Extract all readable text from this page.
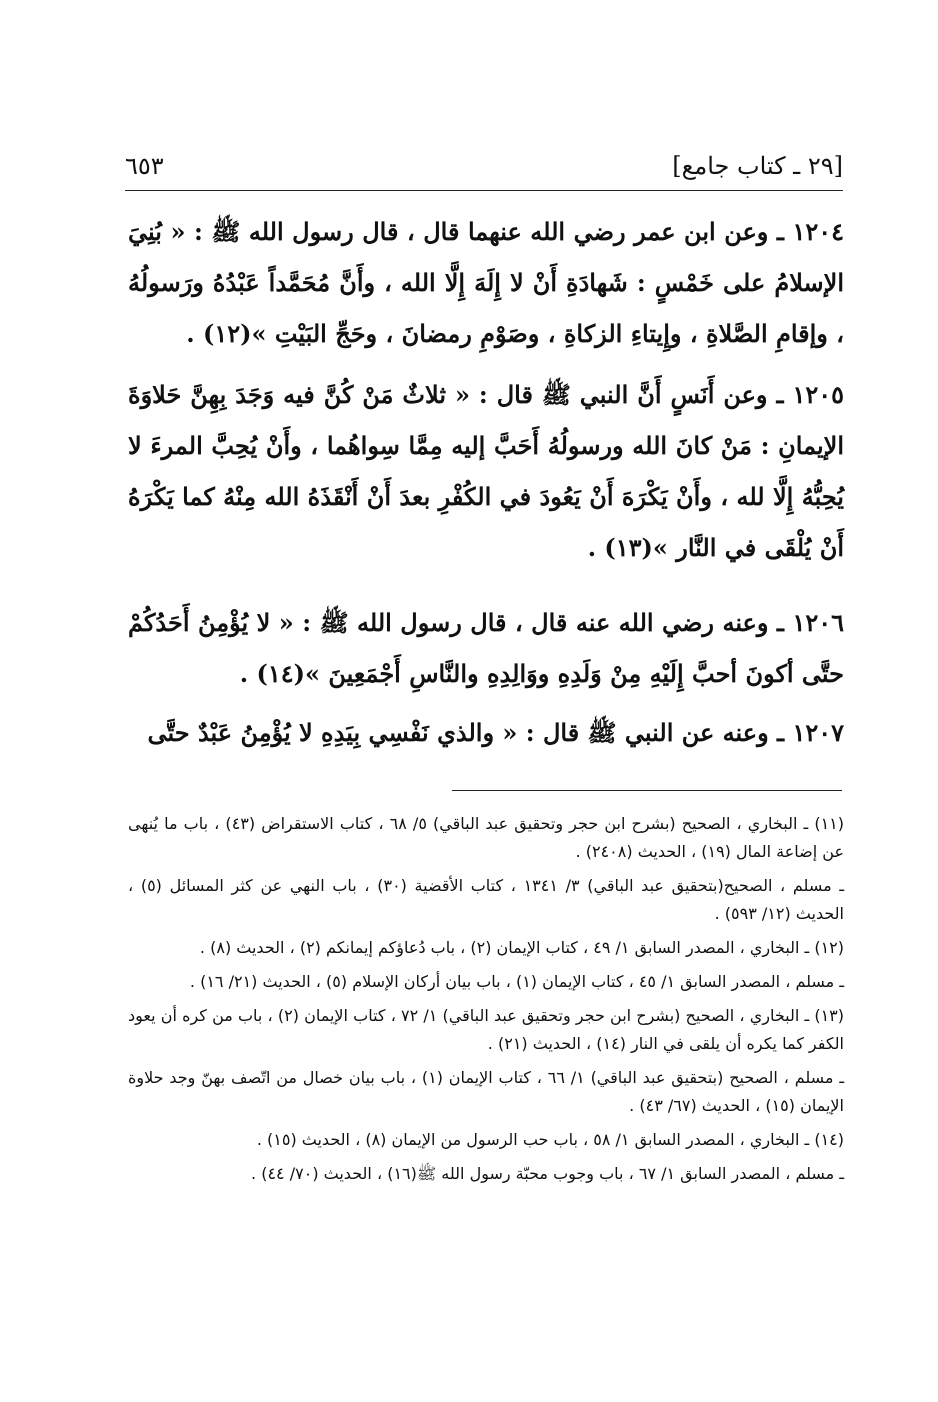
[٢٩ ـ كتاب جامع]
٦٥٣

١٢٠٤ ـ وعن ابن عمر رضي الله عنهما قال ، قال رسول الله ﷺ : « بُنِيَ الإسلامُ على خَمْسٍ : شَهادَةِ أَنْ لا إِلَهَ إِلَّا الله ، وأَنَّ مُحَمَّداً عَبْدُهُ ورَسولُهُ ، وإقامِ الصَّلاةِ ، وإِيتاءِ الزكاةِ ، وصَوْمِ رمضانَ ، وحَجِّ البَيْتِ »(١٢) .

١٢٠٥ ـ وعن أَنَسٍ أَنَّ النبي ﷺ قال : « ثلاثٌ مَنْ كُنَّ فيه وَجَدَ بِهِنَّ حَلاوَةَ الإيمانِ : مَنْ كانَ الله ورسولُهُ أَحَبَّ إليه مِمَّا سِواهُما ، وأَنْ يُحِبَّ المرءَ لا يُحِبُّهُ إِلَّا لله ، وأَنْ يَكْرَهَ أَنْ يَعُودَ في الكُفْرِ بعدَ أَنْ أَنْقَذَهُ الله مِنْهُ كما يَكْرَهُ أَنْ يُلْقَى في النَّار »(١٣) .

١٢٠٦ ـ وعنه رضي الله عنه قال ، قال رسول الله ﷺ : « لا يُؤْمِنُ أَحَدُكُمْ حتَّى أكونَ أحبَّ إِلَيْهِ مِنْ وَلَدِهِ ووَالِدِهِ والنَّاسِ أَجْمَعِينَ »(١٤) .

١٢٠٧ ـ وعنه عن النبي ﷺ قال : « والذي نَفْسِي بِيَدِهِ لا يُؤْمِنُ عَبْدٌ حتَّى

(١١) ـ البخاري ، الصحيح (بشرح ابن حجر وتحقيق عبد الباقي) ٥/ ٦٨ ، كتاب الاستقراض (٤٣) ، باب ما يُنهى عن إضاعة المال (١٩) ، الحديث (٢٤٠٨) .

ـ مسلم ، الصحيح(بتحقيق عبد الباقي) ٣/ ١٣٤١ ، كتاب الأقضية (٣٠) ، باب النهي عن كثر المسائل (٥) ، الحديث (١٢/ ٥٩٣) .

(١٢) ـ البخاري ، المصدر السابق ١/ ٤٩ ، كتاب الإيمان (٢) ، باب دُعاؤكم إيمانكم (٢) ، الحديث (٨) .

ـ مسلم ، المصدر السابق ١/ ٤٥ ، كتاب الإيمان (١) ، باب بيان أركان الإسلام (٥) ، الحديث (٢١/ ١٦) .

(١٣) ـ البخاري ، الصحيح (بشرح ابن حجر وتحقيق عبد الباقي) ١/ ٧٢ ، كتاب الإيمان (٢) ، باب من كره أن يعود الكفر كما يكره أن يلقى في النار (١٤) ، الحديث (٢١) .

ـ مسلم ، الصحيح (بتحقيق عبد الباقي) ١/ ٦٦ ، كتاب الإيمان (١) ، باب بيان خصال من اتّصف بهنّ وجد حلاوة الإيمان (١٥) ، الحديث (٦٧/ ٤٣) .

(١٤) ـ البخاري ، المصدر السابق ١/ ٥٨ ، باب حب الرسول من الإيمان (٨) ، الحديث (١٥) .

ـ مسلم ، المصدر السابق ١/ ٦٧ ، باب وجوب محبّة رسول الله ﷺ(١٦) ، الحديث (٧٠/ ٤٤) .
